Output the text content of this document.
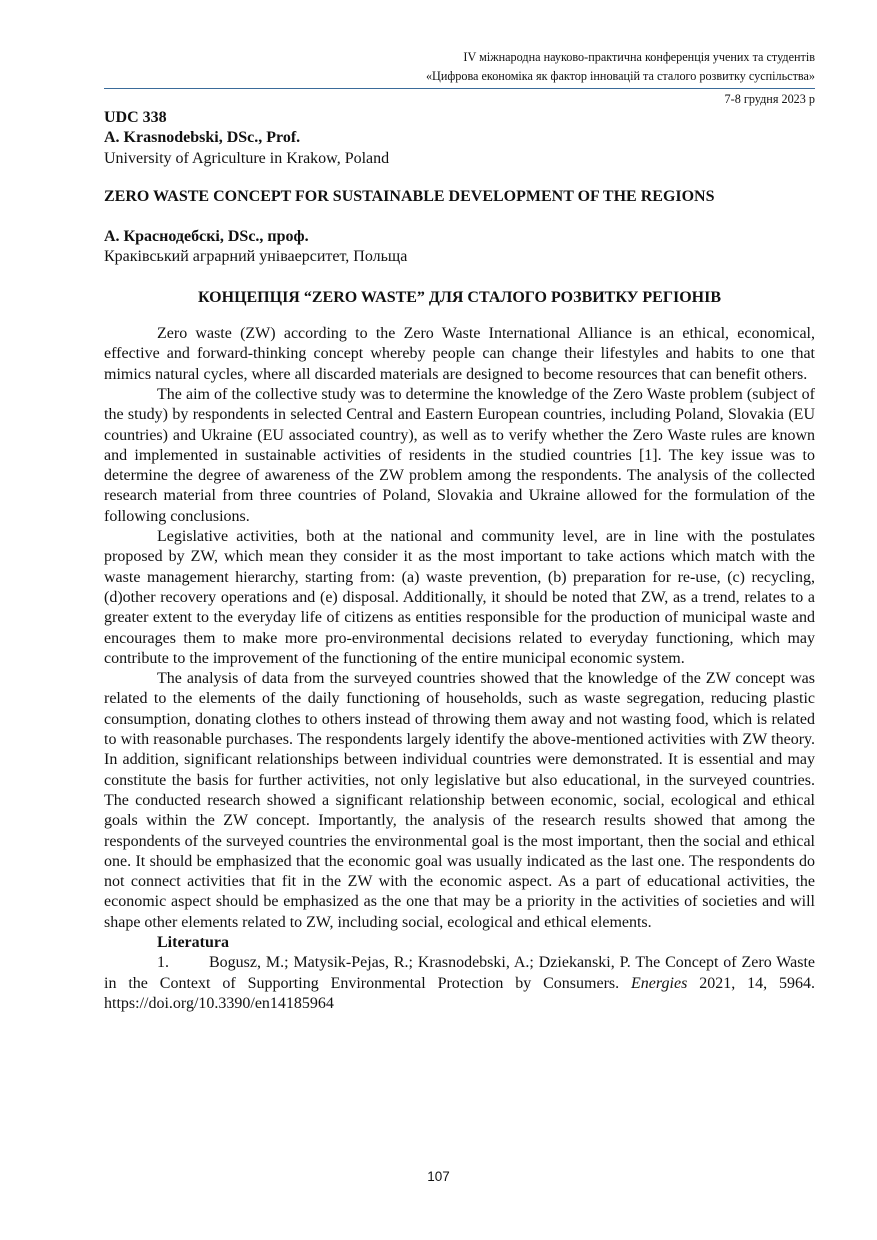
IV міжнародна науково-практична конференція учених та студентів
«Цифрова економіка як фактор інновацій та сталого розвитку суспільства»
7-8 грудня 2023 р

UDC 338

A. Krasnodebski, DSc., Prof.

University of Agriculture in Krakow, Poland

ZERO WASTE CONCEPT FOR SUSTAINABLE DEVELOPMENT OF THE REGIONS

А. Краснодебскі, DSc., проф.

Краківський аграрний уніваерситет, Польща

КОНЦЕПЦІЯ “ZERO WASTE” ДЛЯ СТАЛОГО РОЗВИТКУ РЕГІОНІВ

Zero waste (ZW) according to the Zero Waste International Alliance is an ethical, economical, effective and forward-thinking concept whereby people can change their lifestyles and habits to one that mimics natural cycles, where all discarded materials are designed to become resources that can benefit others.

The aim of the collective study was to determine the knowledge of the Zero Waste problem (subject of the study) by respondents in selected Central and Eastern European countries, including Poland, Slovakia (EU countries) and Ukraine (EU associated country), as well as to verify whether the Zero Waste rules are known and implemented in sustainable activities of residents in the studied countries [1]. The key issue was to determine the degree of awareness of the ZW problem among the respondents. The analysis of the collected research material from three countries of Poland, Slovakia and Ukraine allowed for the formulation of the following conclusions.

Legislative activities, both at the national and community level, are in line with the postulates proposed by ZW, which mean they consider it as the most important to take actions which match with the waste management hierarchy, starting from: (a) waste prevention, (b) preparation for re-use, (c) recycling, (d)other recovery operations and (e) disposal. Additionally, it should be noted that ZW, as a trend, relates to a greater extent to the everyday life of citizens as entities responsible for the production of municipal waste and encourages them to make more pro-environmental decisions related to everyday functioning, which may contribute to the improvement of the functioning of the entire municipal economic system.

The analysis of data from the surveyed countries showed that the knowledge of the ZW concept was related to the elements of the daily functioning of households, such as waste segregation, reducing plastic consumption, donating clothes to others instead of throwing them away and not wasting food, which is related to with reasonable purchases. The respondents largely identify the above-mentioned activities with ZW theory. In addition, significant relationships between individual countries were demonstrated. It is essential and may constitute the basis for further activities, not only legislative but also educational, in the surveyed countries. The conducted research showed a significant relationship between economic, social, ecological and ethical goals within the ZW concept. Importantly, the analysis of the research results showed that among the respondents of the surveyed countries the environmental goal is the most important, then the social and ethical one. It should be emphasized that the economic goal was usually indicated as the last one. The respondents do not connect activities that fit in the ZW with the economic aspect. As a part of educational activities, the economic aspect should be emphasized as the one that may be a priority in the activities of societies and will shape other elements related to ZW, including social, ecological and ethical elements.

Literatura

1.	Bogusz, M.; Matysik-Pejas, R.; Krasnodebski, A.; Dziekanski, P. The Concept of Zero Waste in the Context of Supporting Environmental Protection by Consumers. Energies 2021, 14, 5964. https://doi.org/10.3390/en14185964

107
